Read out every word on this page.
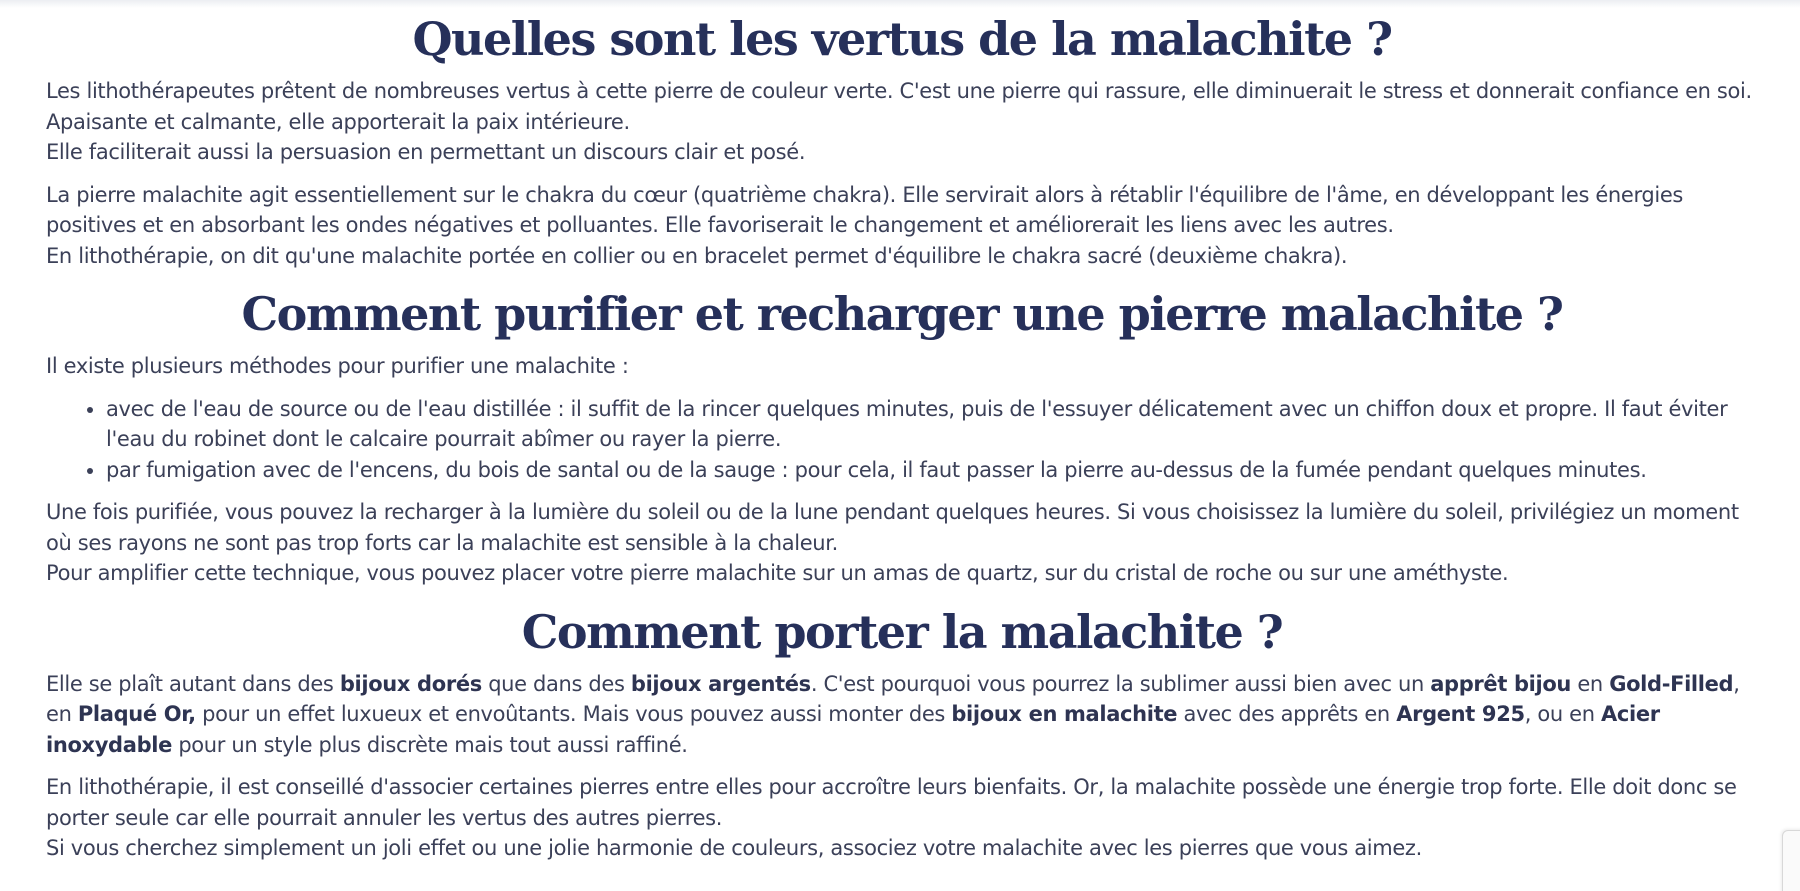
Quelles sont les vertus de la malachite ?

Les lithothérapeutes prêtent de nombreuses vertus à cette pierre de couleur verte. C'est une pierre qui rassure, elle diminuerait le stress et donnerait confiance en soi. Apaisante et calmante, elle apporterait la paix intérieure.
Elle faciliterait aussi la persuasion en permettant un discours clair et posé.

La pierre malachite agit essentiellement sur le chakra du cœur (quatrième chakra). Elle servirait alors à rétablir l'équilibre de l'âme, en développant les énergies positives et en absorbant les ondes négatives et polluantes. Elle favoriserait le changement et améliorerait les liens avec les autres.
En lithothérapie, on dit qu'une malachite portée en collier ou en bracelet permet d'équilibre le chakra sacré (deuxième chakra).

Comment purifier et recharger une pierre malachite ?

Il existe plusieurs méthodes pour purifier une malachite :

• avec de l'eau de source ou de l'eau distillée : il suffit de la rincer quelques minutes, puis de l'essuyer délicatement avec un chiffon doux et propre. Il faut éviter l'eau du robinet dont le calcaire pourrait abîmer ou rayer la pierre.
• par fumigation avec de l'encens, du bois de santal ou de la sauge : pour cela, il faut passer la pierre au-dessus de la fumée pendant quelques minutes.

Une fois purifiée, vous pouvez la recharger à la lumière du soleil ou de la lune pendant quelques heures. Si vous choisissez la lumière du soleil, privilégiez un moment où ses rayons ne sont pas trop forts car la malachite est sensible à la chaleur.
Pour amplifier cette technique, vous pouvez placer votre pierre malachite sur un amas de quartz, sur du cristal de roche ou sur une améthyste.

Comment porter la malachite ?

Elle se plaît autant dans des bijoux dorés que dans des bijoux argentés. C'est pourquoi vous pourrez la sublimer aussi bien avec un apprêt bijou en Gold-Filled, en Plaqué Or, pour un effet luxueux et envoûtants. Mais vous pouvez aussi monter des bijoux en malachite avec des apprêts en Argent 925, ou en Acier inoxydable pour un style plus discrète mais tout aussi raffiné.

En lithothérapie, il est conseillé d'associer certaines pierres entre elles pour accroître leurs bienfaits. Or, la malachite possède une énergie trop forte. Elle doit donc se porter seule car elle pourrait annuler les vertus des autres pierres.
Si vous cherchez simplement un joli effet ou une jolie harmonie de couleurs, associez votre malachite avec les pierres que vous aimez.
